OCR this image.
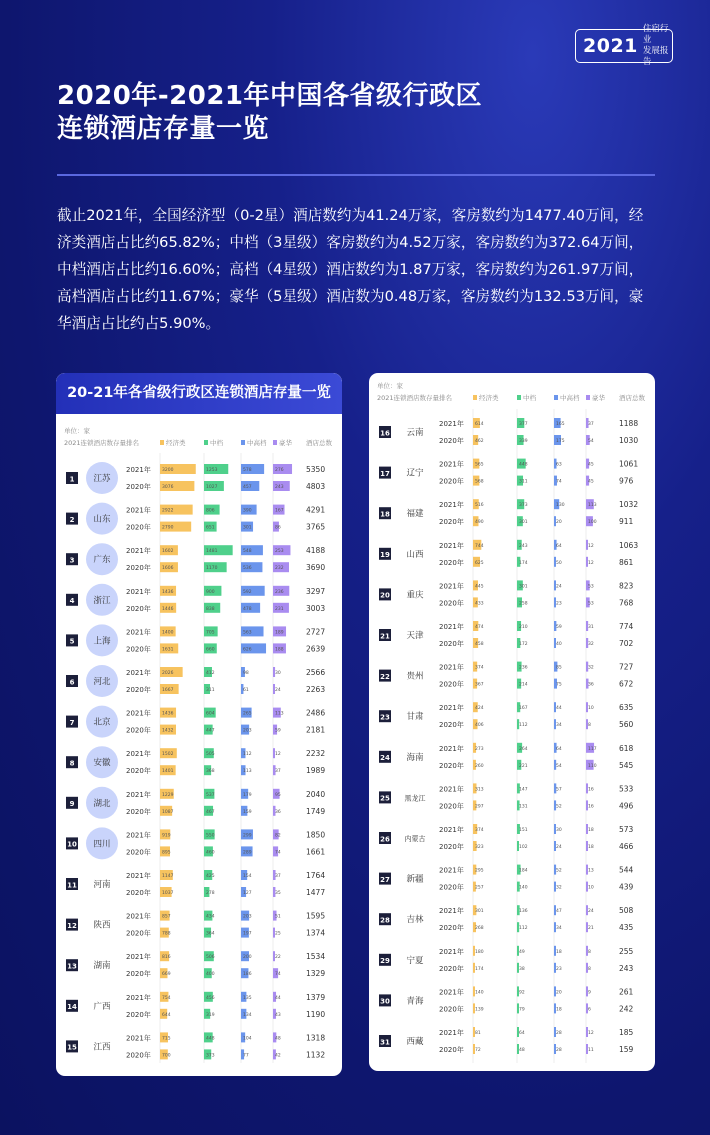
2021
住宿行业
发展报告
2020年-2021年中国各省级行政区
连锁酒店存量一览
截止2021年，全国经济型（0-2星）酒店数约为41.24万家，客房数约为1477.40万间，经济类酒店占比约65.82%；中档（3星级）客房数约为4.52万家，客房数约为372.64万间，中档酒店占比约16.60%；高档（4星级）酒店数约为1.87万家，客房数约为261.97万间，高档酒店占比约11.67%；豪华（5星级）酒店数为0.48万家，客房数约为132.53万间，豪华酒店占比约占5.90%。
20-21年各省级行政区连锁酒店存量一览
单位：家
2021连锁酒店数存量排名	经济类	中档	中高档 豪华 酒店总数
1 江苏
2021年 3200	1253	578	276	5350
2020年 3076	1027	457	243	4803
2 山东
2021年 2922	806	390	167	4291
2020年 2790	651	301	86	3765
3 广东
2021年 1602	1481	548	253	4188
2020年 1606	1170	536	232	3690
4 浙江
2021年 1436	900	592	236	3297
2020年 1446	838	478	231	3003
5 上海
2021年 1400	705	563	189	2727
2020年 1631	660	626	188	2639
6 河北
2021年 2026	412	98	30	2566
2020年 1667	311	61	24	2263
7 北京
2021年 1436	604	265	113	2486
2020年 1432	447	203	59	2181
8 安徽
2021年 1502	505	112	12	2232
2020年 1401	368	113	37	1989
9 湖北
2021年 1229	537	179	95	2040
2020年 1087	467	159	36	1749
10 四川
2021年 919	550	299	82	1850
2020年 895	460	289	74	1661
11 河南
2021年 1147	425	154	37	1764
2020年 1037	278	127	35	1477
12 陕西
2021年 857	434	203	51	1595
2020年 788	364	197	25	1374
13 湖南
2021年 816	506	200	22	1534
2020年 669	400	186	74	1329
14 广西
2021年 754	456	135	44	1379
2020年 644	319	134	43	1190
15 江西
2021年 715	448	104	48	1318
2020年 700	373	77	42	1132
单位：家
2021连锁酒店数存量排名	经济类	中档	中高档 豪华 酒店总数
16 云南
2021年 614	377	165	37	1188
2020年 462	339	175	54	1030
17 辽宁
2021年 565	448	63	45	1061
2020年 568	311	74	45	976
18 福建
2021年 516	373	130	113	1032
2020年 490	301	20	100	911
19 山西
2021年 744	243	64	12	1063
2020年 625	174	50	12	861
20 重庆
2021年 445	301	24	53	823
2020年 433	258	23	53	768
21 天津
2021年 474	210	59	31	774
2020年 458	172	40	32	702
22 贵州
2021年 374	236	85	32	727
2020年 367	214	75	36	672
23 甘肃
2021年 424	167	44	10	635
2020年 406	112	34	8	560
24 海南
2021年 273	264	64	117	618
2020年 260	221	54	110	545
25 黑龙江
2021年 313	147	57	16	533
2020年 297	131	52	16	496
26 内蒙古
2021年 374	151	30	18	573
2020年 323	102	24	18	466
27 新疆
2021年 295	184	52	13	544
2020年 257	140	32	10	439
28 吉林
2021年 301	136	47	24	508
2020年 268	112	34	21	435
29 宁夏
2021年 180	49	18	8	255
2020年 174	38	23	8	243
30 青海
2021年 140	92	20	9	261
2020年 139	79	18	6	242
31 西藏
2021年 81	64	28	12	185
2020年 72	48	28	11	159
